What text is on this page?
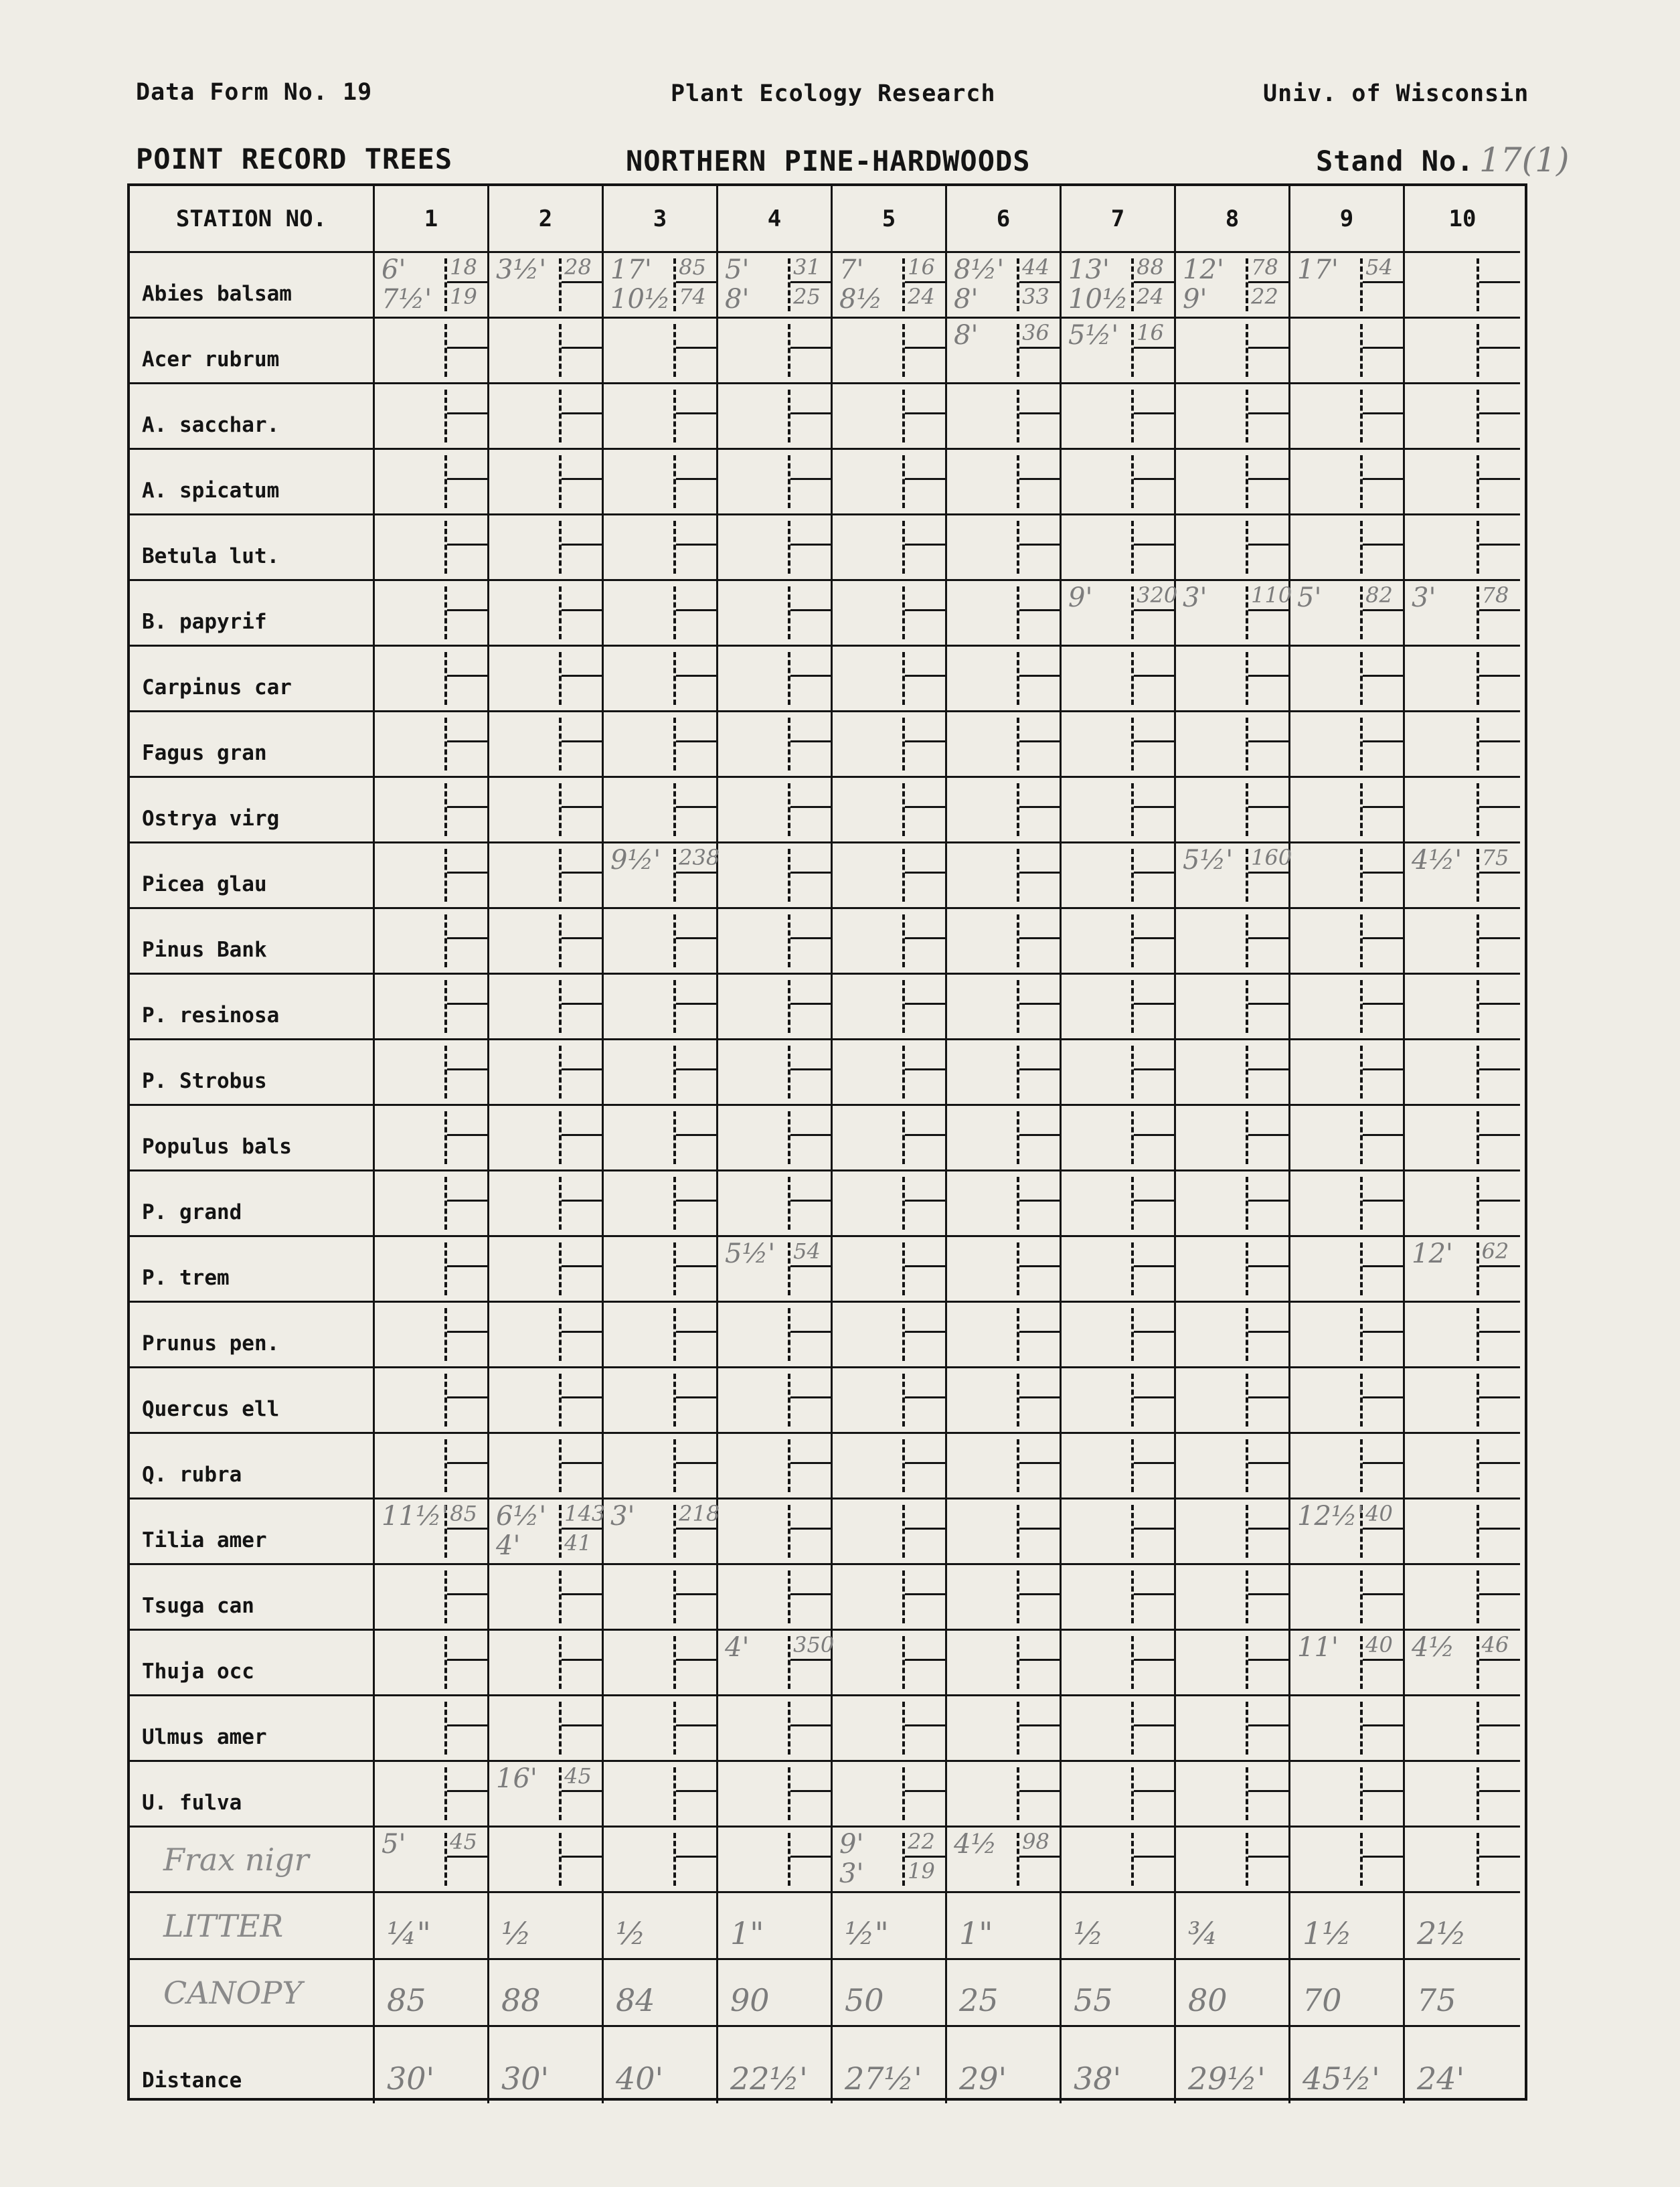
Data Form No. 19	Plant Ecology Research	Univ. of Wisconsin
POINT RECORD TREES	NORTHERN PINE-HARDWOODS	Stand No. 17(1)
STATION NO.	1	2	3	4	5	6	7	8	9	10
Abies balsam
6' 18
7½' 19
3½' 28 17' 85
10½ 74
5' 31
8' 25
7' 16
8½ 24
8½' 44
8' 33
13' 88
10½ 24
12' 78
9' 22
17' 54
Acer rubrum
8' 36 5½' 16
A. sacchar.
A. spicatum
Betula lut.
B. papyrif
9' 320 3' 110 5' 82 3' 78
Carpinus car
Fagus gran
Ostrya virg
Picea glau
9½' 238	5½' 160	4½' 75
Pinus Bank
P. resinosa
P. Strobus
Populus bals
P. grand
P. trem
5½' 54	12' 62
Prunus pen.
Quercus ell
Q. rubra
Tilia amer
11½' 85 6½' 143
4' 41
3' 218	12½' 40
Tsuga can
Thuja occ
4' 350	11' 40 4½ 46
Ulmus amer
U. fulva
16' 45
Frax nigr	5' 45	9' 22
3' 19
4½ 98
LITTER	¼" ½	½	1"	½" 1"	½	¾	1½ 2½
CANOPY	85 88 84 90 50 25 55 80 70 75
Distance	30' 30' 40' 22½' 27½' 29' 38' 29½' 45½' 24'
